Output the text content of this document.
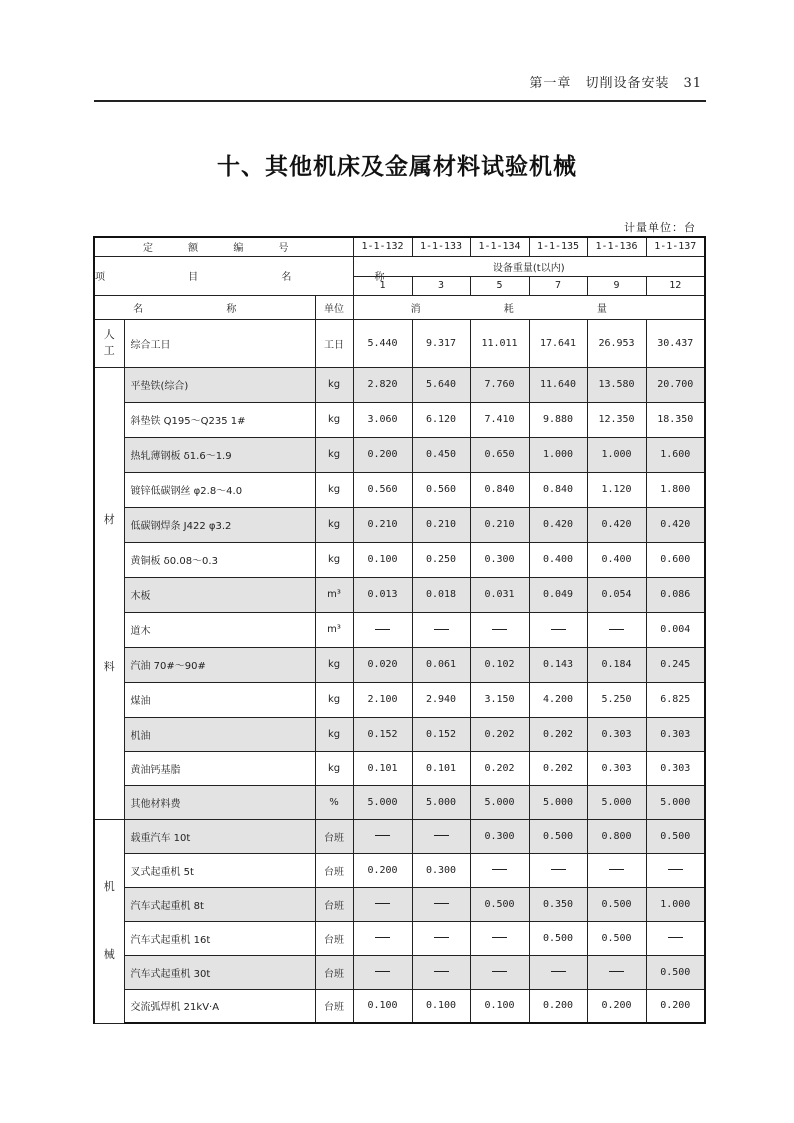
第一章 切削设备安装 31
十、其他机床及金属材料试验机械
计量单位：台
定 额 编 号			1-1-132	1-1-133	1-1-134	1-1-135	1-1-136	1-1-137
项 目 名 称			设备重量(t以内)					
			1	3	5	7	9	12
名 称		单位	消 耗 量					

人
工	综合工日	工日	5.440	9.317	11.011	17.641	26.953	30.437

材
料	平垫铁(综合)	kg	2.820	5.640	7.760	11.640	13.580	20.700
	斜垫铁 Q195～Q235 1#	kg	3.060	6.120	7.410	9.880	12.350	18.350
	热轧薄钢板 δ1.6～1.9	kg	0.200	0.450	0.650	1.000	1.000	1.600
	镀锌低碳钢丝 φ2.8～4.0	kg	0.560	0.560	0.840	0.840	1.120	1.800
	低碳钢焊条 J422 φ3.2	kg	0.210	0.210	0.210	0.420	0.420	0.420
	黄铜板 δ0.08～0.3	kg	0.100	0.250	0.300	0.400	0.400	0.600
	木板	m³	0.013	0.018	0.031	0.049	0.054	0.086
	道木	m³						0.004
	汽油 70#～90#	kg	0.020	0.061	0.102	0.143	0.184	0.245
	煤油	kg	2.100	2.940	3.150	4.200	5.250	6.825
	机油	kg	0.152	0.152	0.202	0.202	0.303	0.303
	黄油钙基脂	kg	0.101	0.101	0.202	0.202	0.303	0.303
	其他材料费	%	5.000	5.000	5.000	5.000	5.000	5.000

机
械	载重汽车 10t	台班			0.300	0.500	0.800	0.500
	叉式起重机 5t	台班	0.200	0.300				
	汽车式起重机 8t	台班			0.500	0.350	0.500	1.000
	汽车式起重机 16t	台班				0.500	0.500	
	汽车式起重机 30t	台班						0.500
	交流弧焊机 21kV·A	台班	0.100	0.100	0.100	0.200	0.200	0.200
